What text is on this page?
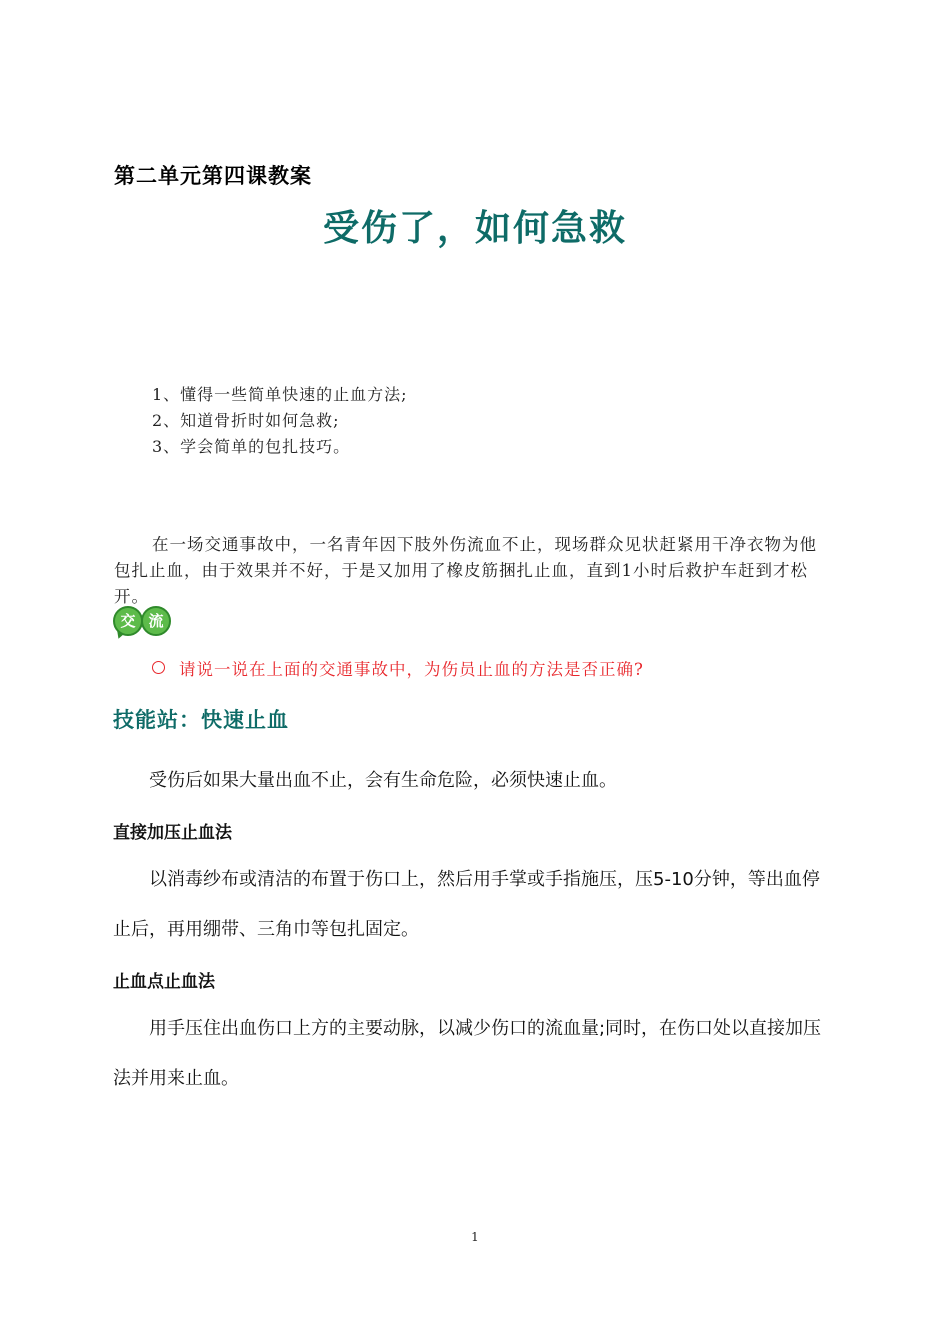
第二单元第四课教案
受伤了，如何急救
1、懂得一些简单快速的止血方法;
2、知道骨折时如何急救;
3、学会简单的包扎技巧。

在一场交通事故中，一名青年因下肢外伤流血不止，现场群众见状赶紧用干净衣物为他包扎止血，由于效果并不好，于是又加用了橡皮筋捆扎止血，直到1小时后救护车赶到才松开。

交 流
请说一说在上面的交通事故中，为伤员止血的方法是否正确?
技能站：快速止血

受伤后如果大量出血不止，会有生命危险，必须快速止血。

直接加压止血法

以消毒纱布或清洁的布置于伤口上，然后用手掌或手指施压，压5-10分钟，等出血停止后，再用绷带、三角巾等包扎固定。

止血点止血法

用手压住出血伤口上方的主要动脉，以减少伤口的流血量;同时，在伤口处以直接加压法并用来止血。

1
